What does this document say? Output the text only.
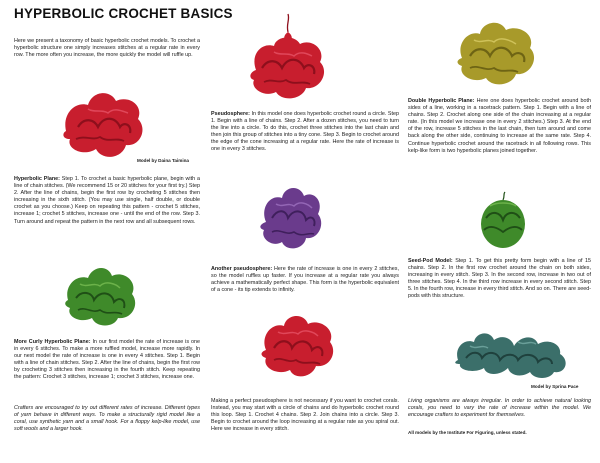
HYPERBOLIC CROCHET BASICS

Here we present a taxonomy of basic hyperbolic crochet models. To crochet a hyperbolic structure one simply increases stitches at a regular rate in every row. The more often you increase, the more quickly the model will ruffle up.

Model by Daina Taimina

Hyperbolic Plane: Step 1. To crochet a basic hyperbolic plane, begin with a line of chain stitches. (We recommend 15 or 20 stitches for your first try.) Step 2. After the line of chains, begin the first row by crocheting 5 stitches then increasing in the sixth stitch. (You may use single, half double, or double crochet as you choose.) Keep on repeating this pattern - crochet 5 stitches, increase 1; crochet 5 stitches, increase one - until the end of the row. Step 3. Turn around and repeat the pattern in the next row and all subsequent rows.

More Curly Hyperbolic Plane: In our first model the rate of increase is one in every 6 stitches. To make a more ruffled model, increase more rapidly. In our next model the rate of increase is one in every 4 stitches. Step 1. Begin with a line of chain stitches. Step 2. After the line of chains, begin the first row by crocheting 3 stitches then increasing in the fourth stitch. Keep repeating the pattern: Crochet 3 stitches, increase 1; crochet 3 stitches, increase one.

Crafters are encouraged to try out different rates of increase. Different types of yarn behave in different ways. To make a structurally rigid model like a coral, use synthetic yarn and a small hook. For a floppy kelp-like model, use soft wools and a larger hook.

Pseudosphere: In this model one does hyperbolic crochet round a circle. Step 1. Begin with a line of chains. Step 2. After a dozen stitches, you need to turn the line into a circle. To do this, crochet three stitches into the last chain and then join this group of stitches into a tiny cone. Step 3. Begin to crochet around the edge of the cone increasing at a regular rate. Here the rate of increase is one in every 3 stitches.

Another pseudosphere: Here the rate of increase is one in every 2 stitches, so the model ruffles up faster. If you increase at a regular rate you always achieve a mathematically perfect shape. This form is the hyperbolic equivalent of a cone - its tip extends to infinity.

Making a perfect pseudosphere is not necessary if you want to crochet corals. Instead, you may start with a circle of chains and do hyperbolic crochet round this loop. Step 1. Crochet 4 chains. Step 2. Join chains into a circle. Step 3. Begin to crochet around the loop increasing at a regular rate as you spiral out. Here we increase in every stitch.

Double Hyperbolic Plane: Here one does hyperbolic crochet around both sides of a line, working in a racetrack pattern. Step 1. Begin with a line of chains. Step 2. Crochet along one side of the chain increasing at a regular rate. (In this model we increase one in every 2 stitches.) Step 3. At the end of the row, increase 5 stitches in the last chain, then turn around and come back along the other side, continuing to increase at the same rate. Step 4. Continue hyperbolic crochet around the racetrack in all following rows. This kelp-like form is two hyperbolic planes joined together.

Seed-Pod Model: Step 1. To get this pretty form begin with a line of 15 chains. Step 2. In the first row crochet around the chain on both sides, increasing in every stitch. Step 3. In the second row, increase in two out of three stitches. Step 4. In the third row increase in every second stitch. Step 5. In the fourth row, increase in every third stitch. And so on. There are seed-pods with this structure.

Model by Sprina Pace

Living organisms are always irregular. In order to achieve natural looking corals, you need to vary the rate of increase within the model. We encourage crafters to experiment for themselves.

All models by the Institute For Figuring, unless stated.
